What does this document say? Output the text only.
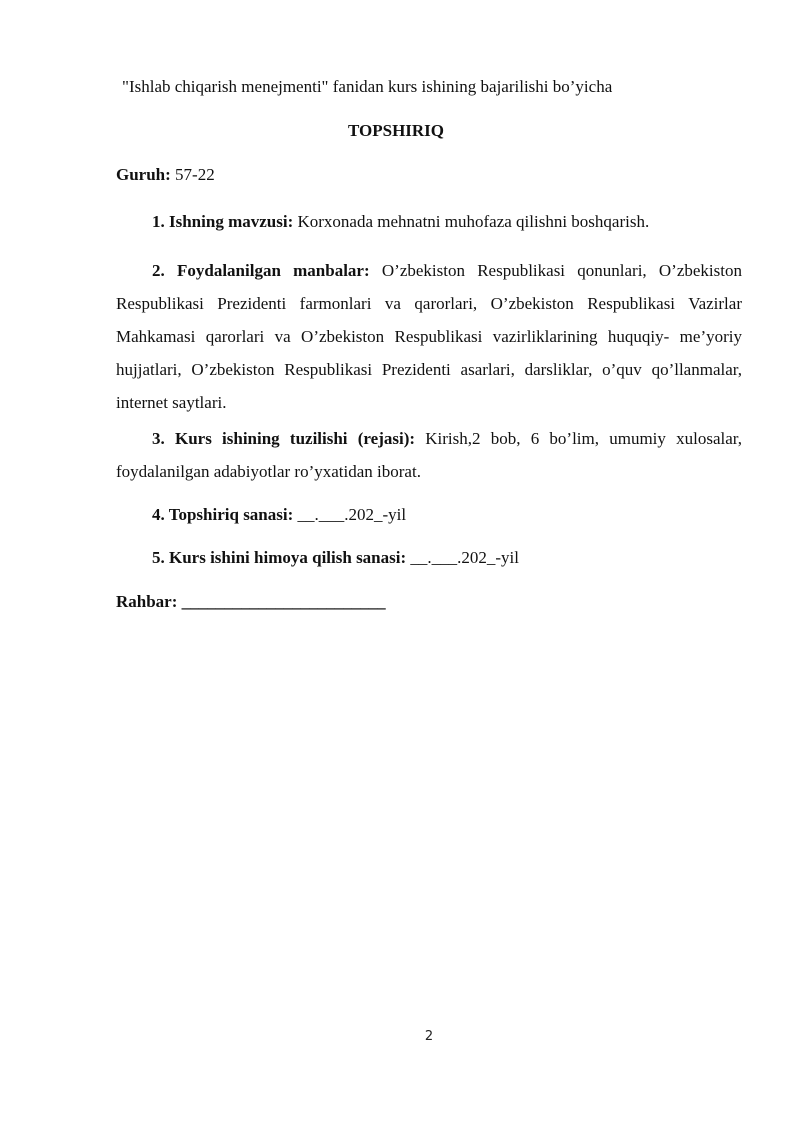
"Ishlab chiqarish menejmenti" fanidan kurs ishining bajarilishi bo’yicha
TOPSHIRIQ
Guruh: 57-22
1. Ishning mavzusi: Korxonada mehnatni muhofaza qilishni boshqarish.
2. Foydalanilgan manbalar: O’zbekiston Respublikasi qonunlari, O’zbekiston Respublikasi Prezidenti farmonlari va qarorlari, O’zbekiston Respublikasi Vazirlar Mahkamasi qarorlari va O’zbekiston Respublikasi vazirliklarining huquqiy- me’yoriy hujjatlari, O’zbekiston Respublikasi Prezidenti asarlari, darsliklar, o’quv qo’llanmalar, internet saytlari.
3. Kurs ishining tuzilishi (rejasi): Kirish,2 bob, 6 bo’lim, umumiy xulosalar, foydalanilgan adabiyotlar ro’yxatidan iborat.
4. Topshiriq sanasi: __.___.202_-yil
5. Kurs ishini himoya qilish sanasi: __.___.202_-yil
Rahbar: ________________________
2
